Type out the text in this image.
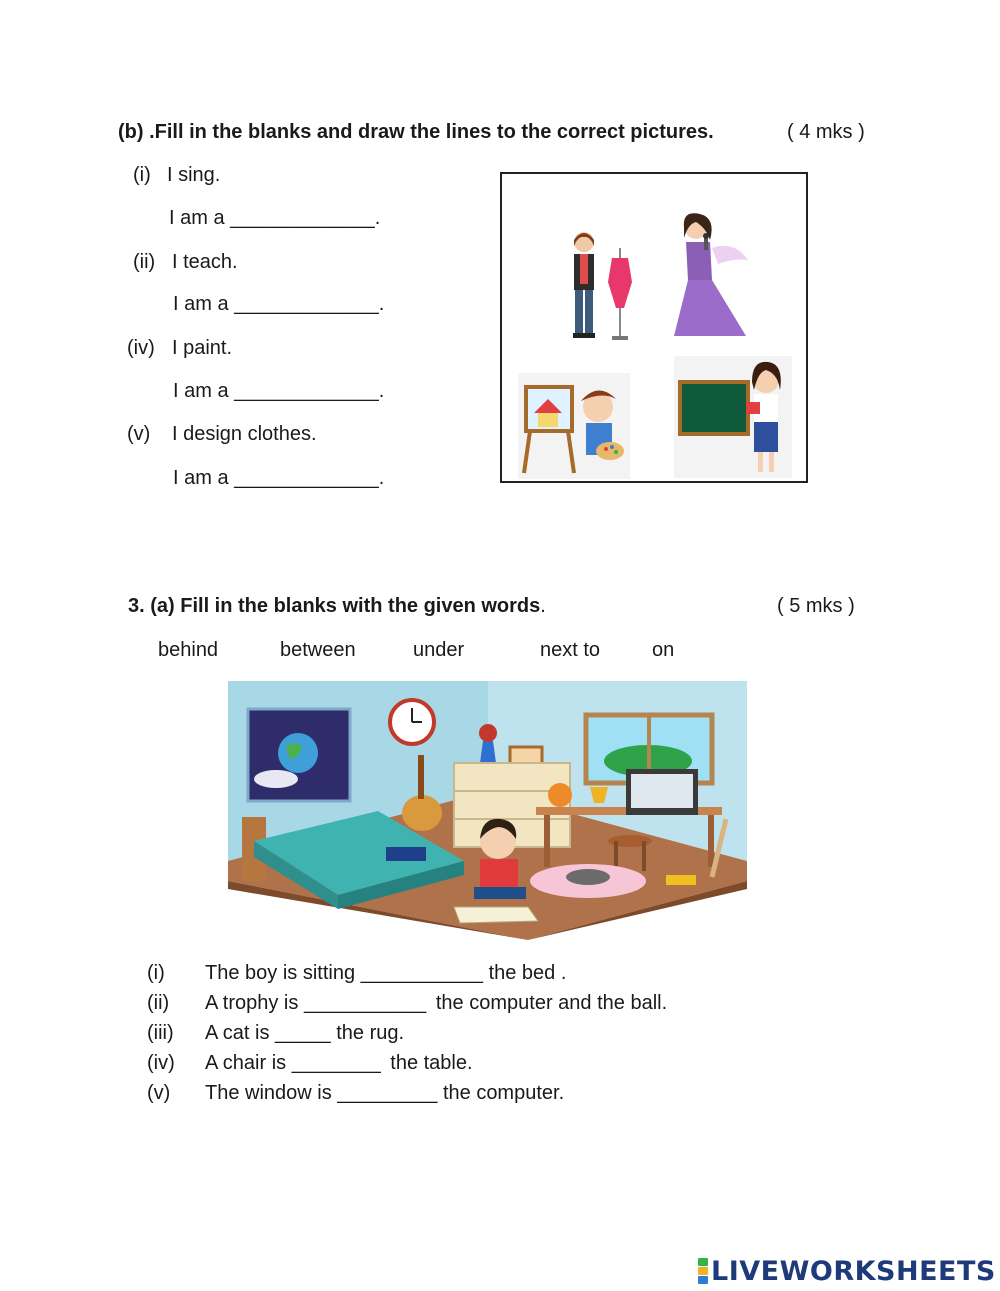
(b) .Fill in the blanks and draw the lines to the correct pictures.	( 4 mks )
(i) I sing.
I am a _____________.
(ii) I teach.
I am a _____________.
(iv) I paint.
I am a _____________.
(v) I design clothes.
I am a _____________.
3. (a) Fill in the blanks with the given words.	( 5 mks )
behind	between	under	next to	on
(i) The boy is sitting ___________ the bed .
(ii) A trophy is ___________ the computer and the ball.
(iii) A cat is _____ the rug.
(iv) A chair is ________ the table.
(v) The window is _________ the computer.
LIVEWORKSHEETS
